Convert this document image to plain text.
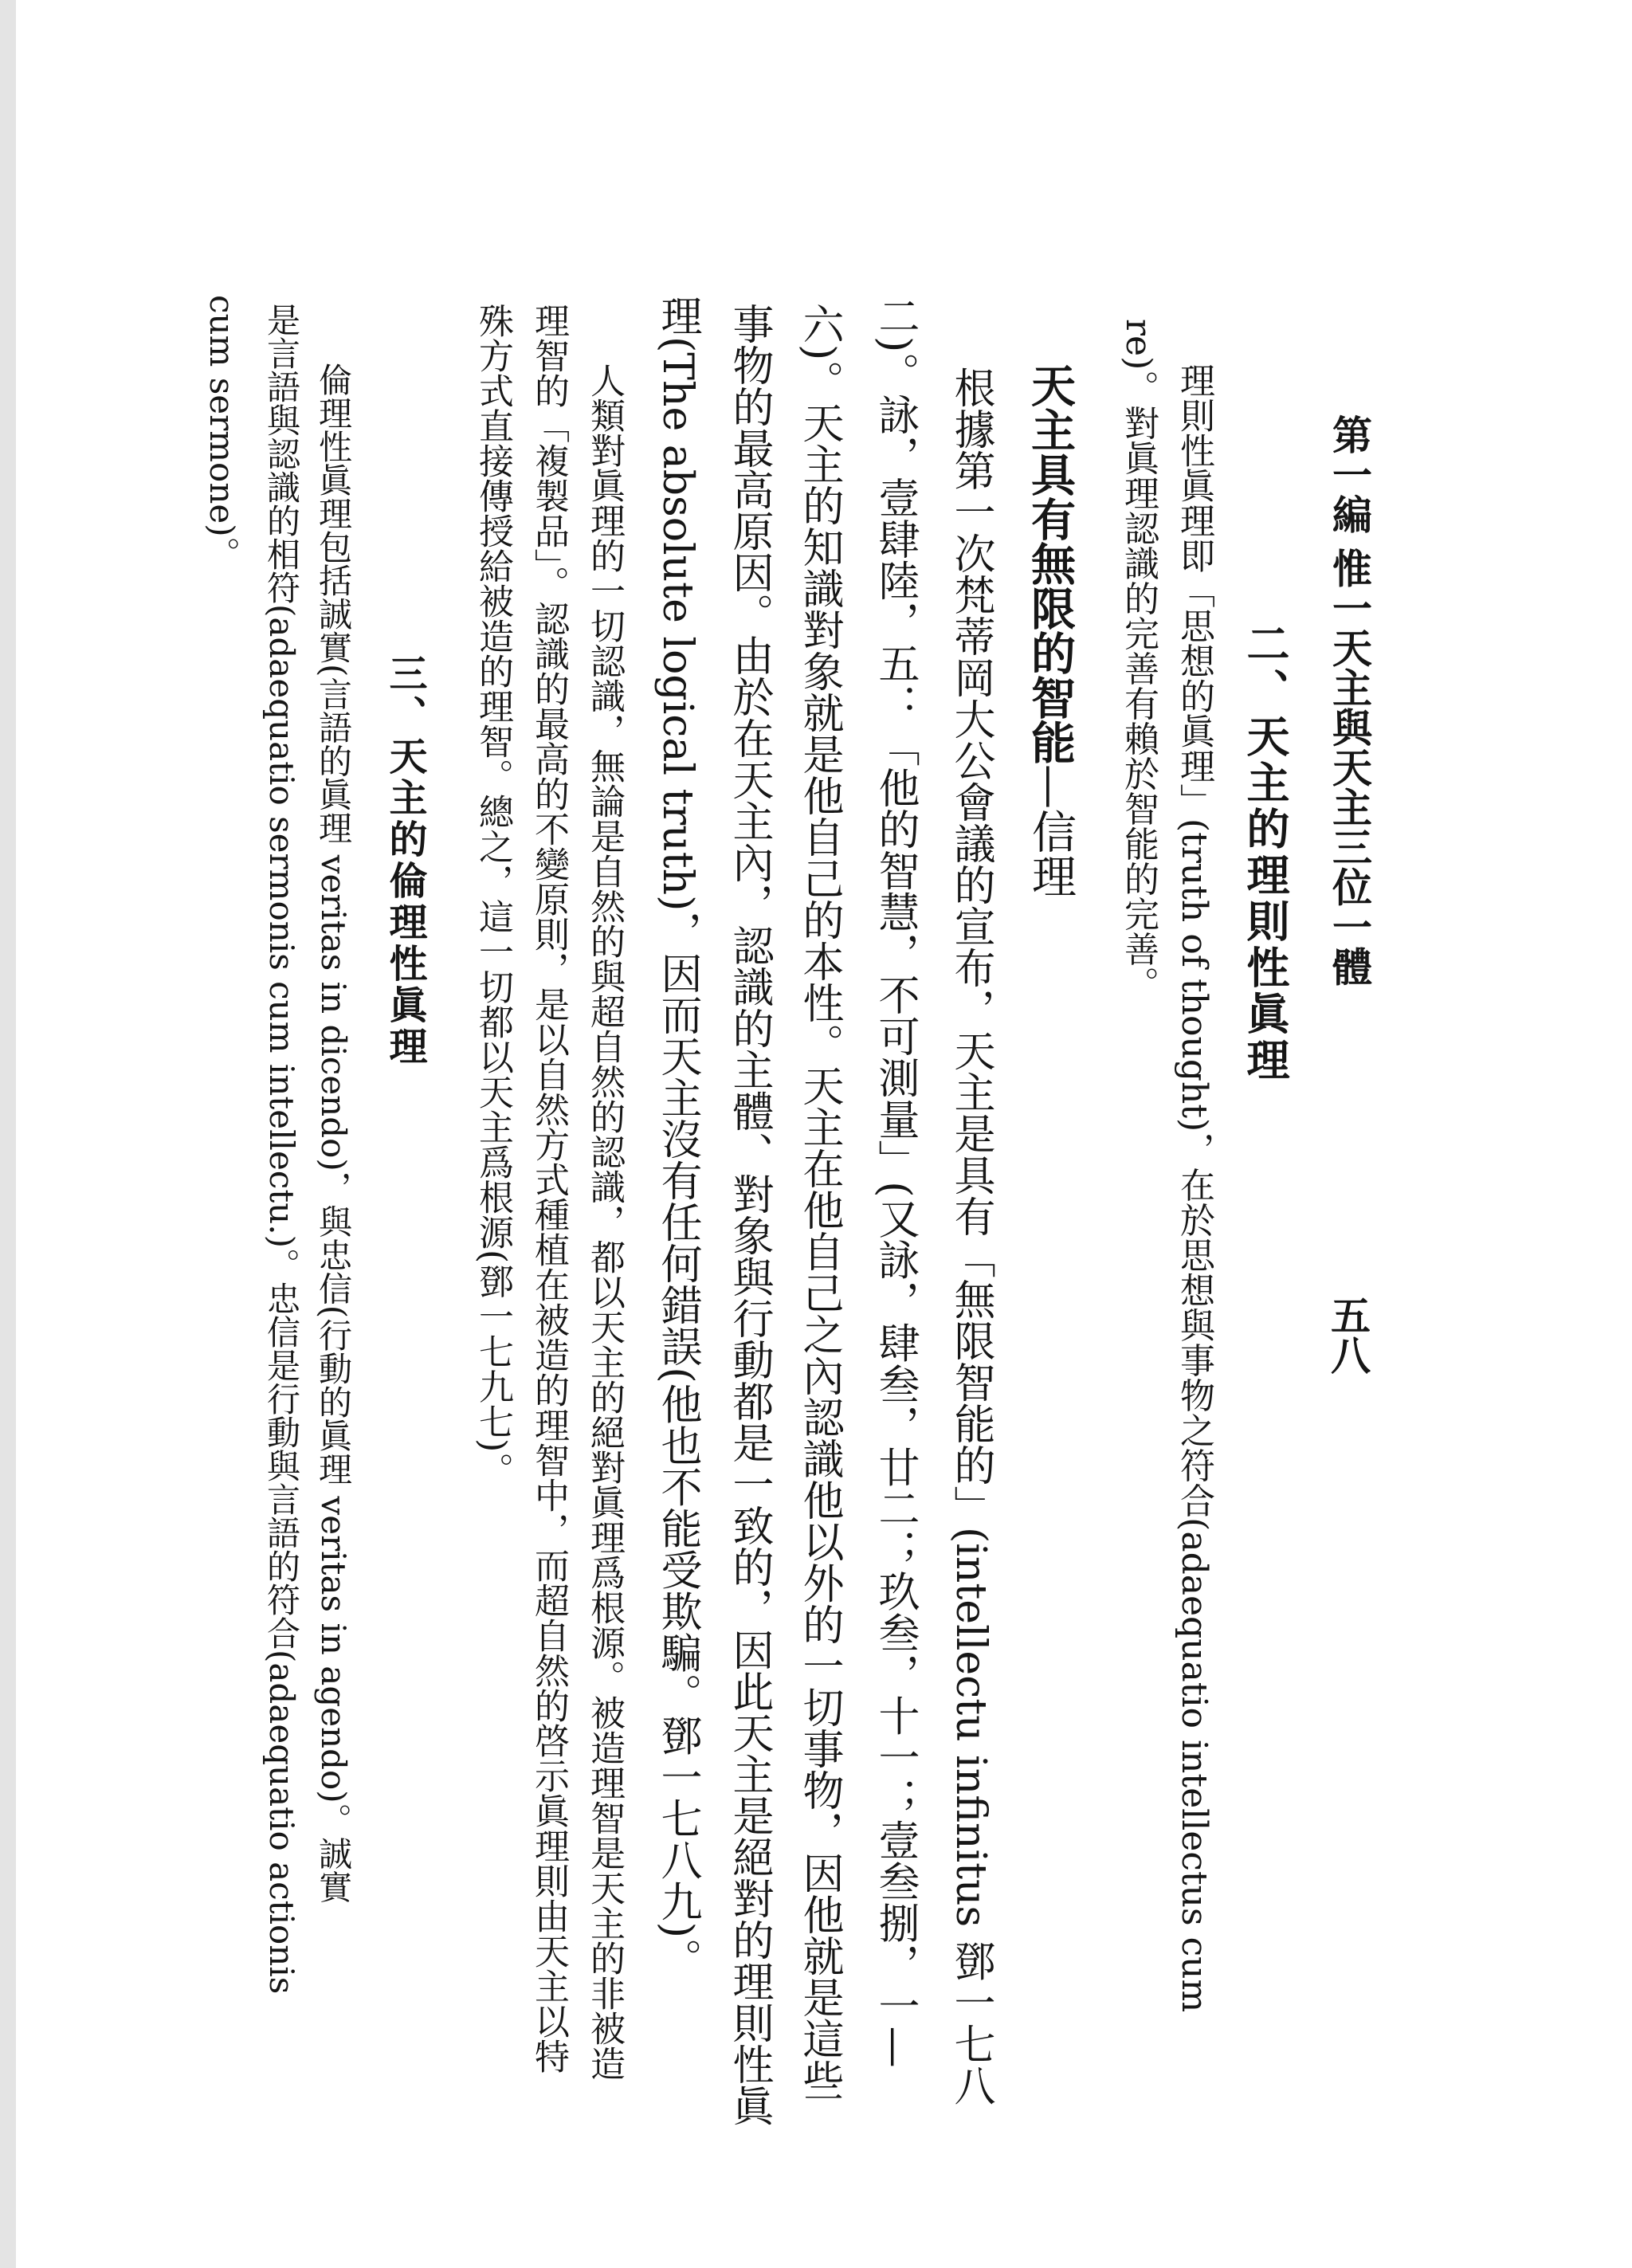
第一編 惟一天主與天主三位一體
五八
二、天主的理則性眞理
理則性眞理即「思想的眞理」(truth of thought)，在於思想與事物之符合(adaequatio intellectus cum
re)。對眞理認識的完善有賴於智能的完善。
天主具有無限的智能—信理
根據第一次梵蒂岡大公會議的宣布，天主是具有「無限智能的」(intellectu infinitus 鄧一七八
二)。詠，壹肆陸，五：「他的智慧，不可測量」(又詠，肆叁，廿二；玖叁，十一；壹叁捌，一—
六)。天主的知識對象就是他自己的本性。天主在他自己之內認識他以外的一切事物，因他就是這些
事物的最高原因。由於在天主內，認識的主體、對象與行動都是一致的，因此天主是絕對的理則性眞
理(The absolute logical truth)，因而天主沒有任何錯誤(他也不能受欺騙。鄧一七八九)。
人類對眞理的一切認識，無論是自然的與超自然的認識，都以天主的絕對眞理爲根源。被造理智是天主的非被造
理智的「複製品」。認識的最高的不變原則，是以自然方式種植在被造的理智中，而超自然的啓示眞理則由天主以特
殊方式直接傳授給被造的理智。總之，這一切都以天主爲根源(鄧一七九七)。
三、天主的倫理性眞理
倫理性眞理包括誠實(言語的眞理 veritas in dicendo)，與忠信(行動的眞理 veritas in agendo)。誠實
是言語與認識的相符(adaequatio sermonis cum intellectu.)。忠信是行動與言語的符合(adaequatio actionis
cum sermone)。
